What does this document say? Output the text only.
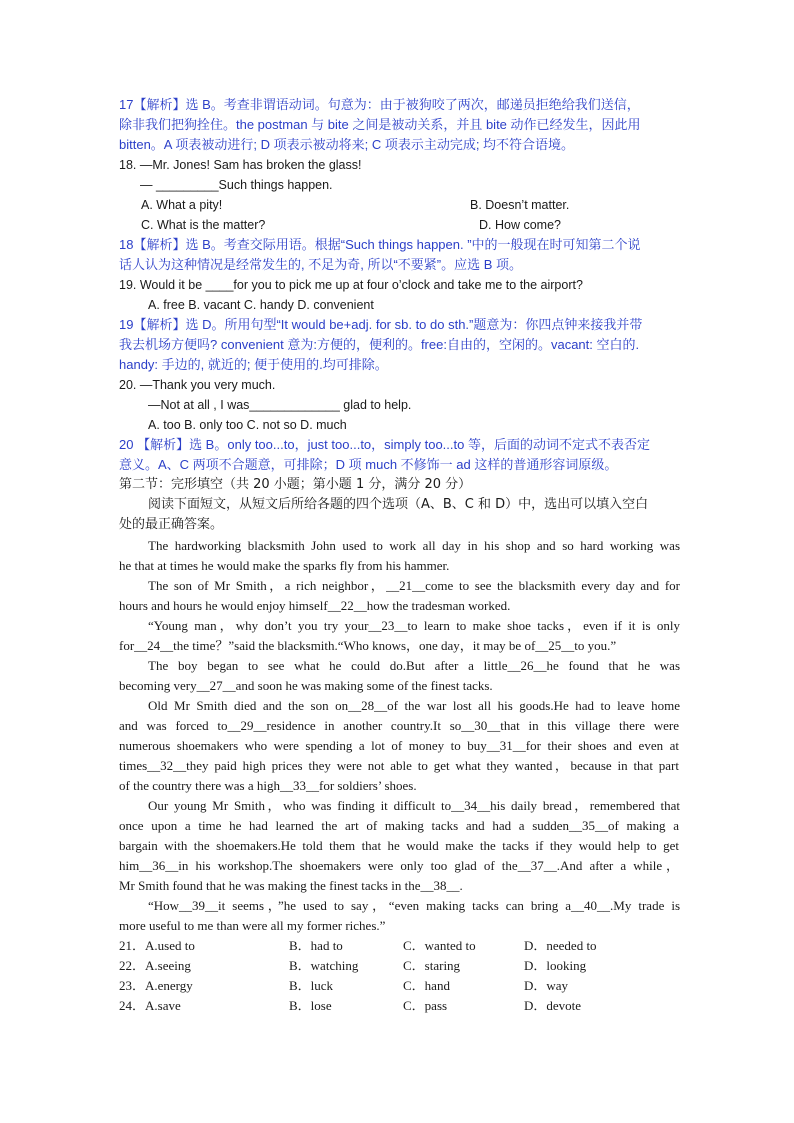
17【解析】选 B。考查非谓语动词。句意为：由于被狗咬了两次，邮递员拒绝给我们送信，
除非我们把狗拴住。the postman 与 bite 之间是被动关系，并且 bite 动作已经发生，因此用
bitten。A 项表被动进行; D 项表示被动将来; C 项表示主动完成; 均不符合语境。
18. —Mr. Jones! Sam has broken the glass!
— _________Such things happen.
18【解析】选 B。考查交际用语。根据“Such things happen. ”中的一般现在时可知第二个说
话人认为这种情况是经常发生的, 不足为奇, 所以“不要紧”。应选 B 项。
19. Would it be ____for you to pick me up at four o’clock and take me to the airport?
A. free B. vacant C. handy D. convenient
19【解析】选 D。所用句型“It would be+adj. for sb. to do sth.”题意为：你四点钟来接我并带
我去机场方便吗? convenient 意为:方便的，便利的。free:自由的，空闲的。vacant: 空白的.
handy: 手边的, 就近的; 便于使用的.均可排除。
20. —Thank you very much.
—Not at all , I was_____________ glad to help.
A. too B. only too C. not so D. much
20 【解析】选 B。only too...to，just too...to，simply too...to 等，后面的动词不定式不表否定
意义。A、C 两项不合题意，可排除；D 项 much 不修饰一 ad 这样的普通形容词原级。
第二节：完形填空（共 20 小题；第小题 1 分，满分 20 分）
阅读下面短文，从短文后所给各题的四个选项（A、B、C 和 D）中，选出可以填入空白
处的最正确答案。
The hardworking blacksmith John used to work all day in his shop and so hard working was
he that at times he would make the sparks fly from his hammer.
The son of Mr Smith，a rich neighbor，__21__come to see the blacksmith every day and for
hours and hours he would enjoy himself__22__how the tradesman worked.
“Young man，why don’t you try your__23__to learn to make shoe tacks，even if it is only
for__24__the time？”said the blacksmith.“Who knows，one day，it may be of__25__to you.”
The boy began to see what he could do.But after a little__26__he found that he was
becoming very__27__and soon he was making some of the finest tacks.
Old Mr Smith died and the son on__28__of the war lost all his goods.He had to leave home
and was forced to__29__residence in another country.It so__30__that in this village there were
numerous shoemakers who were spending a lot of money to buy__31__for their shoes and even at
times__32__they paid high prices they were not able to get what they wanted，because in that part
of the country there was a high__33__for soldiers’ shoes.
Our young Mr Smith，who was finding it difficult to__34__his daily bread，remembered that
once upon a time he had learned the art of making tacks and had a sudden__35__of making a
bargain with the shoemakers.He told them that he would make the tacks if they would help to get
him__36__in his workshop.The shoemakers were only too glad of the__37__.And after a while，
Mr Smith found that he was making the finest tacks in the__38__.
“How__39__it seems，”he used to say，“even making tacks can bring a__40__.My trade is
more useful to me than were all my former riches.”
A. What a pity!	B. Doesn’t matter.
C. What is the matter?	D. How come?
21．A.used to	B．had to	C．wanted to	D．needed to
22．A.seeing	B．watching	C．staring	D．looking
23．A.energy	B．luck	C．hand	D．way
24．A.save	B．lose	C．pass	D．devote
